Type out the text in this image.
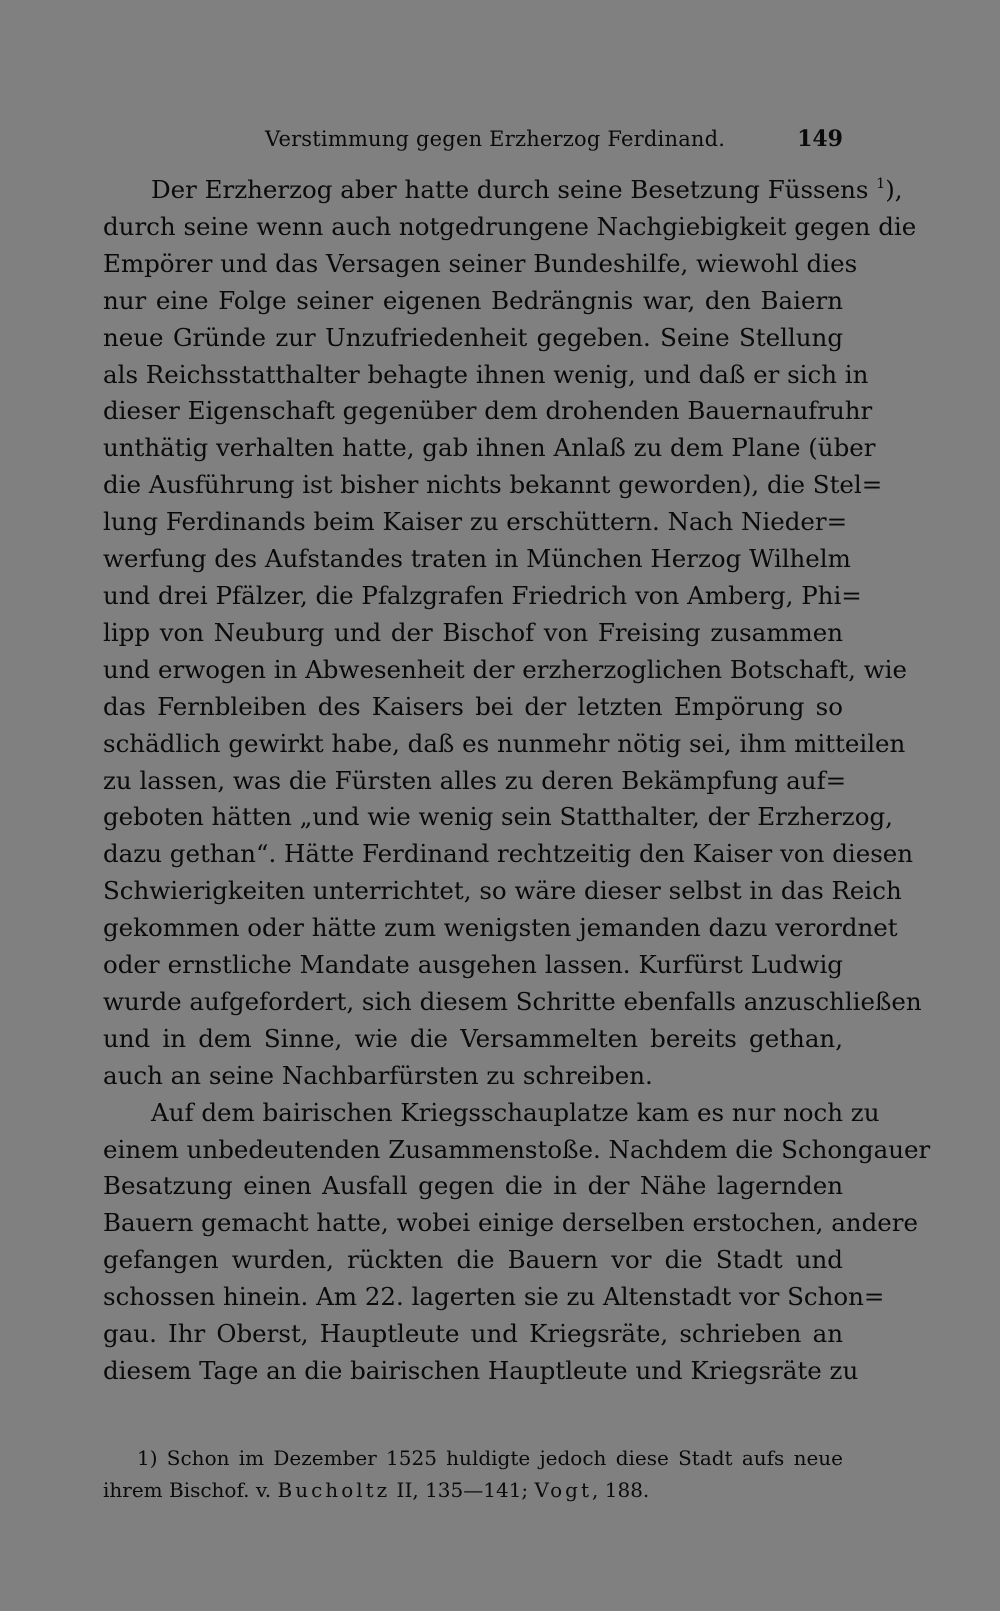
Verstimmung gegen Erzherzog Ferdinand.	149
Der Erzherzog aber hatte durch seine Besetzung Füssens $^1$),
durch seine wenn auch notgedrungene Nachgiebigkeit gegen die
Empörer und das Versagen seiner Bundeshilfe, wiewohl dies
nur eine Folge seiner eigenen Bedrängnis war, den Baiern
neue Gründe zur Unzufriedenheit gegeben. Seine Stellung
als Reichsstatthalter behagte ihnen wenig, und daß er sich in
dieser Eigenschaft gegenüber dem drohenden Bauernaufruhr
unthätig verhalten hatte, gab ihnen Anlaß zu dem Plane (über
die Ausführung ist bisher nichts bekannt geworden), die Stel=
lung Ferdinands beim Kaiser zu erschüttern. Nach Nieder=
werfung des Aufstandes traten in München Herzog Wilhelm
und drei Pfälzer, die Pfalzgrafen Friedrich von Amberg, Phi=
lipp von Neuburg und der Bischof von Freising zusammen
und erwogen in Abwesenheit der erzherzoglichen Botschaft, wie
das Fernbleiben des Kaisers bei der letzten Empörung so
schädlich gewirkt habe, daß es nunmehr nötig sei, ihm mitteilen
zu lassen, was die Fürsten alles zu deren Bekämpfung auf=
geboten hätten „und wie wenig sein Statthalter, der Erzherzog,
dazu gethan“. Hätte Ferdinand rechtzeitig den Kaiser von diesen
Schwierigkeiten unterrichtet, so wäre dieser selbst in das Reich
gekommen oder hätte zum wenigsten jemanden dazu verordnet
oder ernstliche Mandate ausgehen lassen. Kurfürst Ludwig
wurde aufgefordert, sich diesem Schritte ebenfalls anzuschließen
und in dem Sinne, wie die Versammelten bereits gethan,
auch an seine Nachbarfürsten zu schreiben.
Auf dem bairischen Kriegsschauplatze kam es nur noch zu
einem unbedeutenden Zusammenstoße. Nachdem die Schongauer
Besatzung einen Ausfall gegen die in der Nähe lagernden
Bauern gemacht hatte, wobei einige derselben erstochen, andere
gefangen wurden, rückten die Bauern vor die Stadt und
schossen hinein. Am 22. lagerten sie zu Altenstadt vor Schon=
gau. Ihr Oberst, Hauptleute und Kriegsräte, schrieben an
diesem Tage an die bairischen Hauptleute und Kriegsräte zu
1) Schon im Dezember 1525 huldigte jedoch diese Stadt aufs neue
ihrem Bischof. v. Bucholtz II, 135—141; Vogt, 188.
